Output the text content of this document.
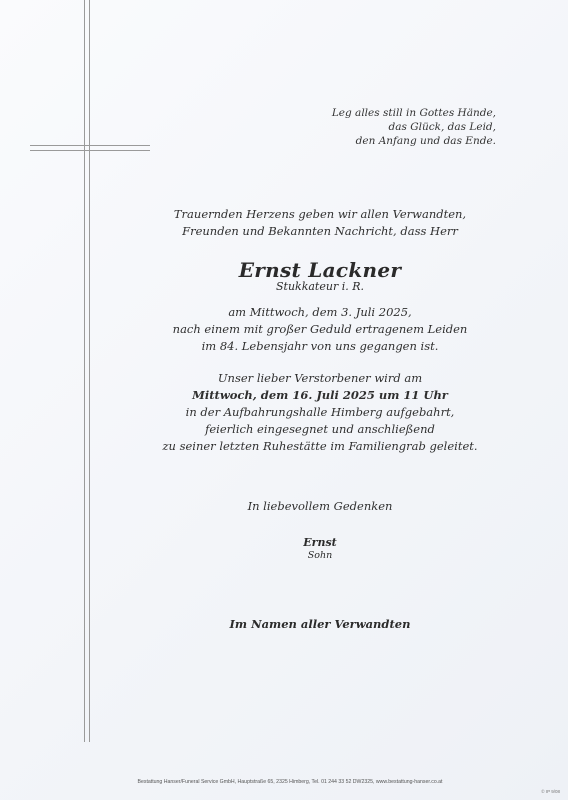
Leg alles still in Gottes Hände,
das Glück, das Leid,
den Anfang und das Ende.
Trauernden Herzens geben wir allen Verwandten,
Freunden und Bekannten Nachricht, dass Herr
Ernst Lackner
Stukkateur i. R.
am Mittwoch, dem 3. Juli 2025,
nach einem mit großer Geduld ertragenem Leiden
im 84. Lebensjahr von uns gegangen ist.
Unser lieber Verstorbener wird am
Mittwoch, dem 16. Juli 2025 um 11 Uhr
in der Aufbahrungshalle Himberg aufgebahrt,
feierlich eingesegnet und anschließend
zu seiner letzten Ruhestätte im Familiengrab geleitet.
In liebevollem Gedenken
Ernst
Sohn
Im Namen aller Verwandten
Bestattung Hanser/Funeral Service GmbH, Hauptstraße 65, 2325 Himberg, Tel. 01 244 33 52 DW2325, www.bestattung-hanser.co.at
© IP 9/08
